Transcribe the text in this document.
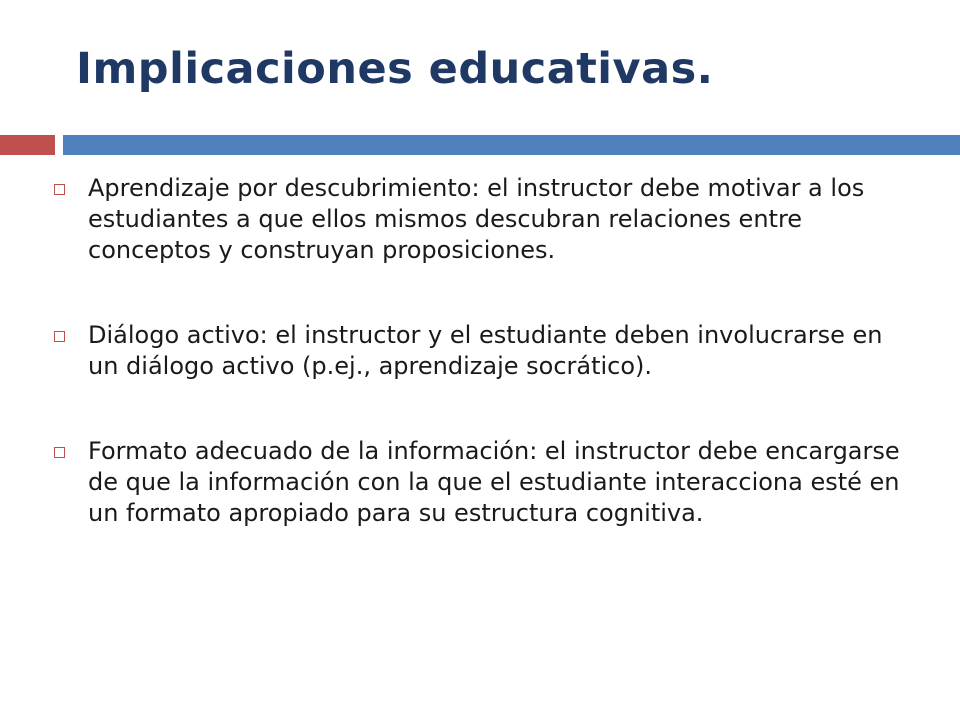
Implicaciones educativas.
Aprendizaje por descubrimiento: el instructor debe motivar a los estudiantes a que ellos mismos descubran relaciones entre conceptos y construyan proposiciones.
Diálogo activo: el instructor y el estudiante deben involucrarse en un diálogo activo (p.ej., aprendizaje socrático).
Formato adecuado de la información: el instructor debe encargarse de que la información con la que el estudiante interacciona esté en un formato apropiado para su estructura cognitiva.
